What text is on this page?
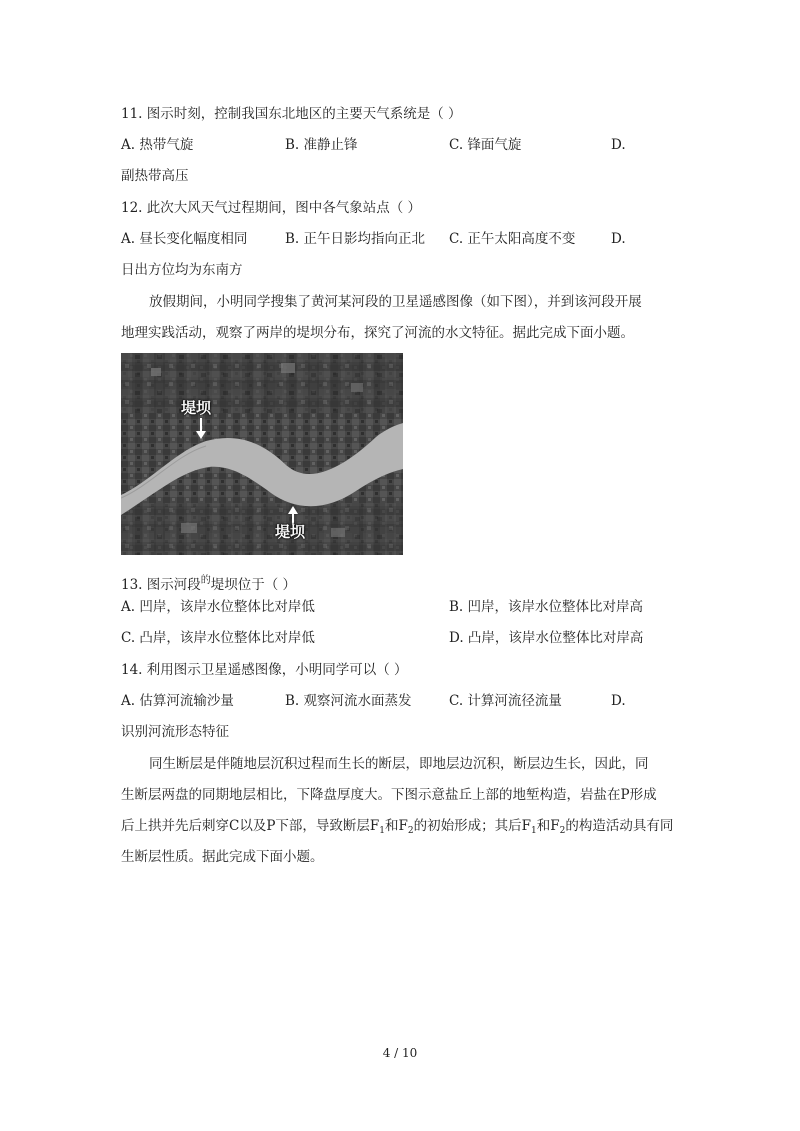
11. 图示时刻，控制我国东北地区的主要天气系统是（ ）
A. 热带气旋	B. 准静止锋	C. 锋面气旋	D.
副热带高压
12. 此次大风天气过程期间，图中各气象站点（ ）
A. 昼长变化幅度相同	B. 正午日影均指向正北 C. 正午太阳高度不变	D.
日出方位均为东南方
放假期间，小明同学搜集了黄河某河段的卫星遥感图像（如下图），并到该河段开展
地理实践活动，观察了两岸的堤坝分布，探究了河流的水文特征。据此完成下面小题。
堤坝
堤坝
13. 图示河段$^的$堤坝位于（ ）
A. 凹岸，该岸水位整体比对岸低	B. 凹岸，该岸水位整体比对岸高
C. 凸岸，该岸水位整体比对岸低	D. 凸岸，该岸水位整体比对岸高
14. 利用图示卫星遥感图像，小明同学可以（ ）
A. 估算河流输沙量	B. 观察河流水面蒸发	C. 计算河流径流量	D.
识别河流形态特征
同生断层是伴随地层沉积过程而生长的断层，即地层边沉积，断层边生长，因此，同
生断层两盘的同期地层相比，下降盘厚度大。下图示意盐丘上部的地堑构造，岩盐在P形成
后上拱并先后刺穿C以及P下部，导致断层$F_1$和$F_2$的初始形成；其后$F_1$和$F_2$的构造活动具有同
生断层性质。据此完成下面小题。
4 / 10
